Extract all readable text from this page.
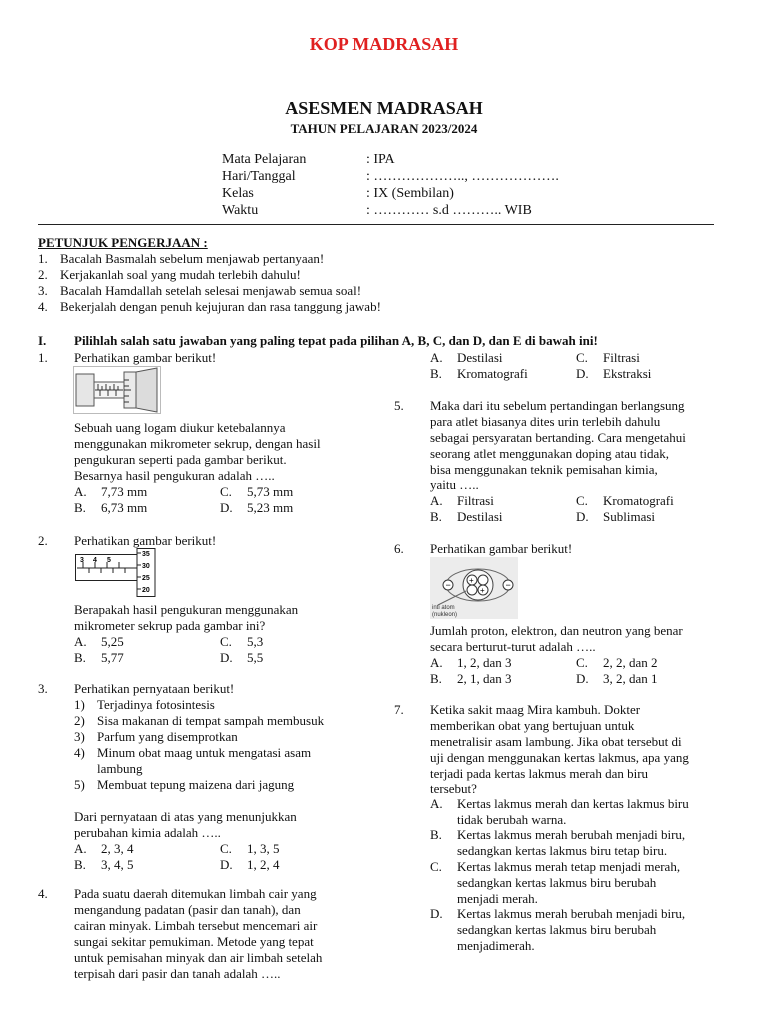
KOP MADRASAH
ASESMEN MADRASAH
TAHUN PELAJARAN 2023/2024
Mata Pelajaran	: IPA
Hari/Tanggal	: ……………….., ……………….
Kelas	: IX (Sembilan)
Waktu	: ………… s.d ……….. WIB
PETUNJUK PENGERJAAN :
1. Bacalah Basmalah sebelum menjawab pertanyaan!
2. Kerjakanlah soal yang mudah terlebih dahulu!
3. Bacalah Hamdallah setelah selesai menjawab semua soal!
4. Bekerjalah dengan penuh kejujuran dan rasa tanggung jawab!
I. Pilihlah salah satu jawaban yang paling tepat pada pilihan A, B, C, dan D, dan E di bawah ini!
1. Perhatikan gambar berikut!
Sebuah uang logam diukur ketebalannya
menggunakan mikrometer sekrup, dengan hasil
pengukuran seperti pada gambar berikut.
Besarnya hasil pengukuran adalah …..
A. 7,73 mm	C. 5,73 mm
B. 6,73 mm	D. 5,23 mm
2. Perhatikan gambar berikut!
3 4 5
35
30
25
20
Berapakah hasil pengukuran menggunakan
mikrometer sekrup pada gambar ini?
A. 5,25	C. 5,3
B. 5,77	D. 5,5
3. Perhatikan pernyataan berikut!
1) Terjadinya fotosintesis
2) Sisa makanan di tempat sampah membusuk
3) Parfum yang disemprotkan
4) Minum obat maag untuk mengatasi asam
lambung
5) Membuat tepung maizena dari jagung
Dari pernyataan di atas yang menunjukkan
perubahan kimia adalah …..
A. 2, 3, 4	C. 1, 3, 5
B. 3, 4, 5	D. 1, 2, 4
4. Pada suatu daerah ditemukan limbah cair yang
mengandung padatan (pasir dan tanah), dan
cairan minyak. Limbah tersebut mencemari air
sungai sekitar pemukiman. Metode yang tepat
untuk pemisahan minyak dan air limbah setelah
terpisah dari pasir dan tanah adalah …..
A. Destilasi	C. Filtrasi
B. Kromatografi	D. Ekstraksi
5. Maka dari itu sebelum pertandingan berlangsung
para atlet biasanya dites urin terlebih dahulu
sebagai persyaratan bertanding. Cara mengetahui
seorang atlet menggunakan doping atau tidak,
bisa menggunakan teknik pemisahan kimia,
yaitu …..
A. Filtrasi	C. Kromatografi
B. Destilasi	D. Sublimasi
6. Perhatikan gambar berikut!
+
+
−	−
inti atom
(nukleon)
Jumlah proton, elektron, dan neutron yang benar
secara berturut-turut adalah …..
A. 1, 2, dan 3	C. 2, 2, dan 2
B. 2, 1, dan 3	D. 3, 2, dan 1
7. Ketika sakit maag Mira kambuh. Dokter
memberikan obat yang bertujuan untuk
menetralisir asam lambung. Jika obat tersebut di
uji dengan menggunakan kertas lakmus, apa yang
terjadi pada kertas lakmus merah dan biru
tersebut?
A. Kertas lakmus merah dan kertas lakmus biru
tidak berubah warna.
B. Kertas lakmus merah berubah menjadi biru,
sedangkan kertas lakmus biru tetap biru.
C. Kertas lakmus merah tetap menjadi merah,
sedangkan kertas lakmus biru berubah
menjadi merah.
D. Kertas lakmus merah berubah menjadi biru,
sedangkan kertas lakmus biru berubah
menjadimerah.
